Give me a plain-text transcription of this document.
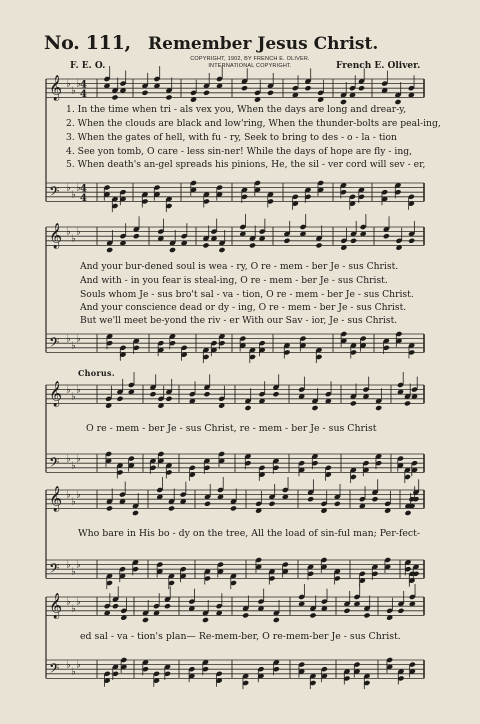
𝄞 ♭
♭
♭
𝄢 ♭
♭
♭
𝄞 ♭
♭
♭
𝄢 ♭
♭
♭
𝄞 ♭
♭
♭
𝄢 ♭
♭
♭
𝄞 ♭
♭
♭
𝄢 ♭
♭
♭
𝄞 ♭
♭
♭
𝄢 ♭
♭
♭
4
4
4
4
No. 111, Remember Jesus Christ.
COPYRIGHT, 1902, BY FRENCH E. OLIVER.
INTERNATIONAL COPYRIGHT.
F. E. O.	French E. Oliver.
1. In the time when tri - als vex you, When the days are long and drear-y,
2. When the clouds are black and low'ring, When the thunder-bolts are peal-ing,
3. When the gates of hell, with fu - ry, Seek to bring to des - o - la - tion
4. See yon tomb, O care - less sin-ner! While the days of hope are fly - ing,
5. When death's an-gel spreads his pinions, He, the sil - ver cord will sev - er,
And your bur-dened soul is wea - ry, O re - mem - ber Je - sus Christ.
And with - in you fear is steal-ing, O re - mem - ber Je - sus Christ.
Souls whom Je - sus bro't sal - va - tion, O re - mem - ber Je - sus Christ.
And your conscience dead or dy - ing, O re - mem - ber Je - sus Christ.
But we'll meet be-yond the riv - er With our Sav - ior, Je - sus Christ.
Chorus.
O re - mem - ber Je - sus Christ, re - mem - ber Je - sus Christ
Who bare in His bo - dy on the tree, All the load of sin-ful man; Per-fect-
ed sal - va - tion's plan— Re-mem-ber, O re-mem-ber Je - sus Christ.
